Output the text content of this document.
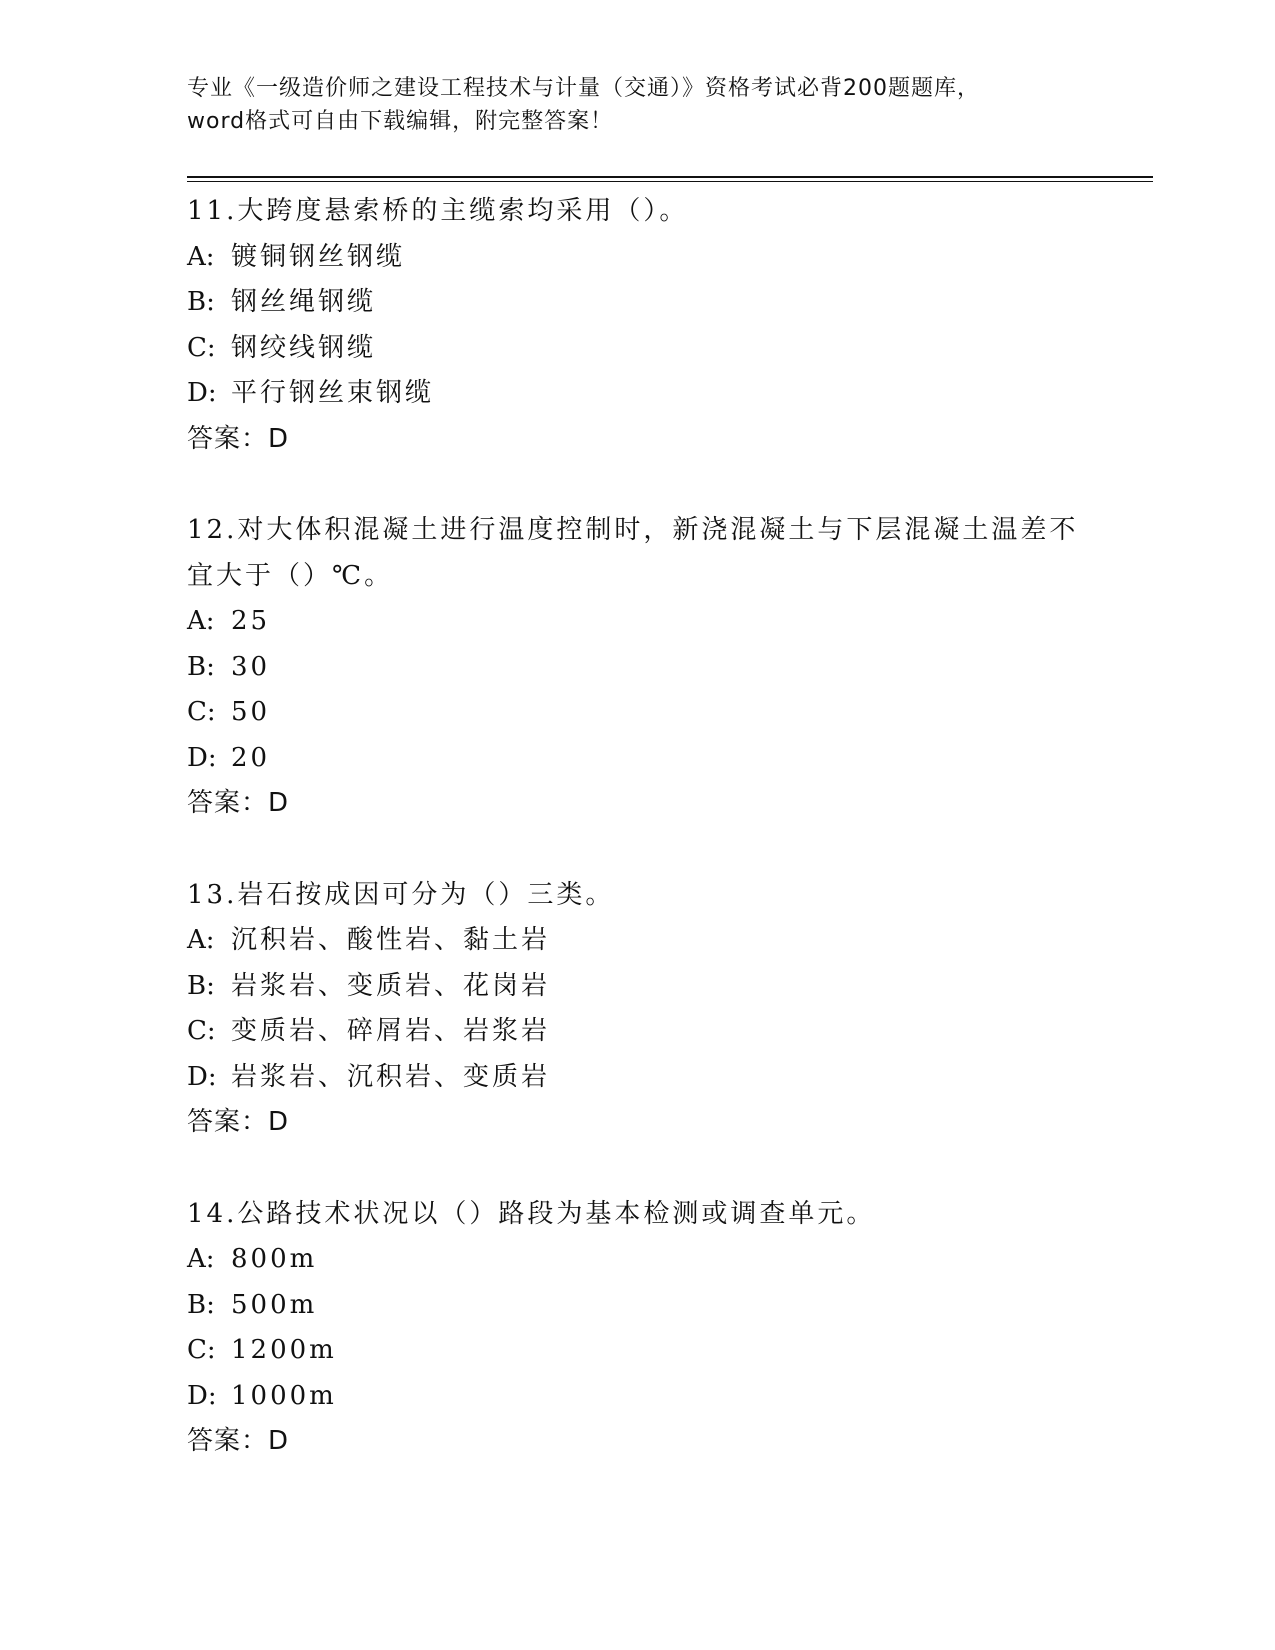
专业《一级造价师之建设工程技术与计量（交通）》资格考试必背200题题库，
word格式可自由下载编辑，附完整答案！
11.大跨度悬索桥的主缆索均采用（）。
A: 镀铜钢丝钢缆
B: 钢丝绳钢缆
C: 钢绞线钢缆
D: 平行钢丝束钢缆
答案：D
12.对大体积混凝土进行温度控制时，新浇混凝土与下层混凝土温差不
宜大于（）℃。
A: 25
B: 30
C: 50
D: 20
答案：D
13.岩石按成因可分为（）三类。
A: 沉积岩、酸性岩、黏土岩
B: 岩浆岩、变质岩、花岗岩
C: 变质岩、碎屑岩、岩浆岩
D: 岩浆岩、沉积岩、变质岩
答案：D
14.公路技术状况以（）路段为基本检测或调查单元。
A: 800m
B: 500m
C: 1200m
D: 1000m
答案：D
